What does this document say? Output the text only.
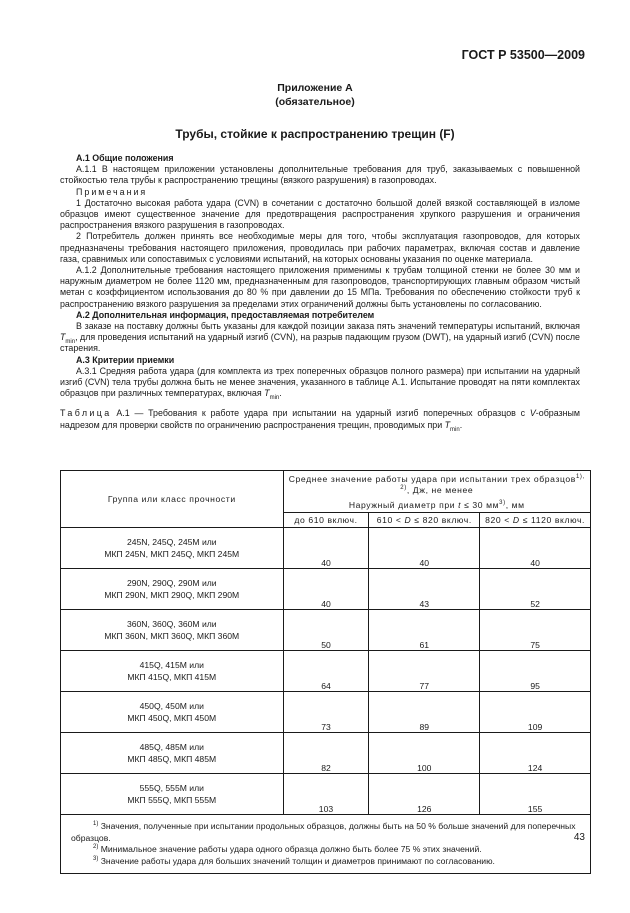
ГОСТ Р 53500—2009
Приложение А
(обязательное)
Трубы, стойкие к распространению трещин (F)

А.1 Общие положения

А.1.1 В настоящем приложении установлены дополнительные требования для труб, заказываемых с повышенной стойкостью тела трубы к распространению трещины (вязкого разрушения) в газопроводах.

Примечания

1 Достаточно высокая работа удара (CVN) в сочетании с достаточно большой долей вязкой составляющей в изломе образцов имеют существенное значение для предотвращения распространения хрупкого разрушения и ограничения распространения вязкого разрушения в газопроводах.

2 Потребитель должен принять все необходимые меры для того, чтобы эксплуатация газопроводов, для которых предназначены требования настоящего приложения, проводилась при рабочих параметрах, включая состав и давление газа, сравнимых или сопоставимых с условиями испытаний, на которых основаны указания по оценке материала.

А.1.2 Дополнительные требования настоящего приложения применимы к трубам толщиной стенки не более 30 мм и наружным диаметром не более 1120 мм, предназначенным для газопроводов, транспортирующих главным образом чистый метан с коэффициентом использования до 80 % при давлении до 15 МПа. Требования по обеспечению стойкости труб к распространению вязкого разрушения за пределами этих ограничений должны быть установлены по согласованию.

А.2 Дополнительная информация, предоставляемая потребителем

В заказе на поставку должны быть указаны для каждой позиции заказа пять значений температуры испытаний, включая $T_{min}$, для проведения испытаний на ударный изгиб (CVN), на разрыв падающим грузом (DWT), на ударный изгиб (CVN) после старения.

А.3 Критерии приемки

А.3.1 Средняя работа удара (для комплекта из трех поперечных образцов полного размера) при испытании на ударный изгиб (CVN) тела трубы должна быть не менее значения, указанного в таблице А.1. Испытание проводят на пяти комплектах образцов при различных температурах, включая $T_{min}$.

Таблица А.1 — Требования к работе удара при испытании на ударный изгиб поперечных образцов с V-образным надрезом для проверки свойств по ограничению распространения трещин, проводимых при $T_{min}$.

Группа или класс прочности	Среднее значение работы удара при испытании трех образцов$^{1), 2)}$, Дж, не менее		
	Наружный диаметр при t ≤ 30 $мм^{3)}$, мм		
	до 610 включ.	610 < D ≤ 820 включ.	820 < D ≤ 1120 включ.

245N, 245Q, 245M или
МКП 245N, МКП 245Q, МКП 245M	40	40	40

290N, 290Q, 290M или
МКП 290N, МКП 290Q, МКП 290M	40	43	52

360N, 360Q, 360M или
МКП 360N, МКП 360Q, МКП 360M	50	61	75

415Q, 415M или
МКП 415Q, МКП 415M	64	77	95

450Q, 450M или
МКП 450Q, МКП 450M	73	89	109

485Q, 485M или
МКП 485Q, МКП 485M	82	100	124

555Q, 555M или
МКП 555Q, МКП 555M	103	126	155

$^{1)}$ Значения, полученные при испытании продольных образцов, должны быть на 50 % больше значений для поперечных образцов.

$^{2)}$ Минимальное значение работы удара одного образца должно быть более 75 % этих значений.

$^{3)}$ Значение работы удара для больших значений толщин и диаметров принимают по согласованию.			

43
